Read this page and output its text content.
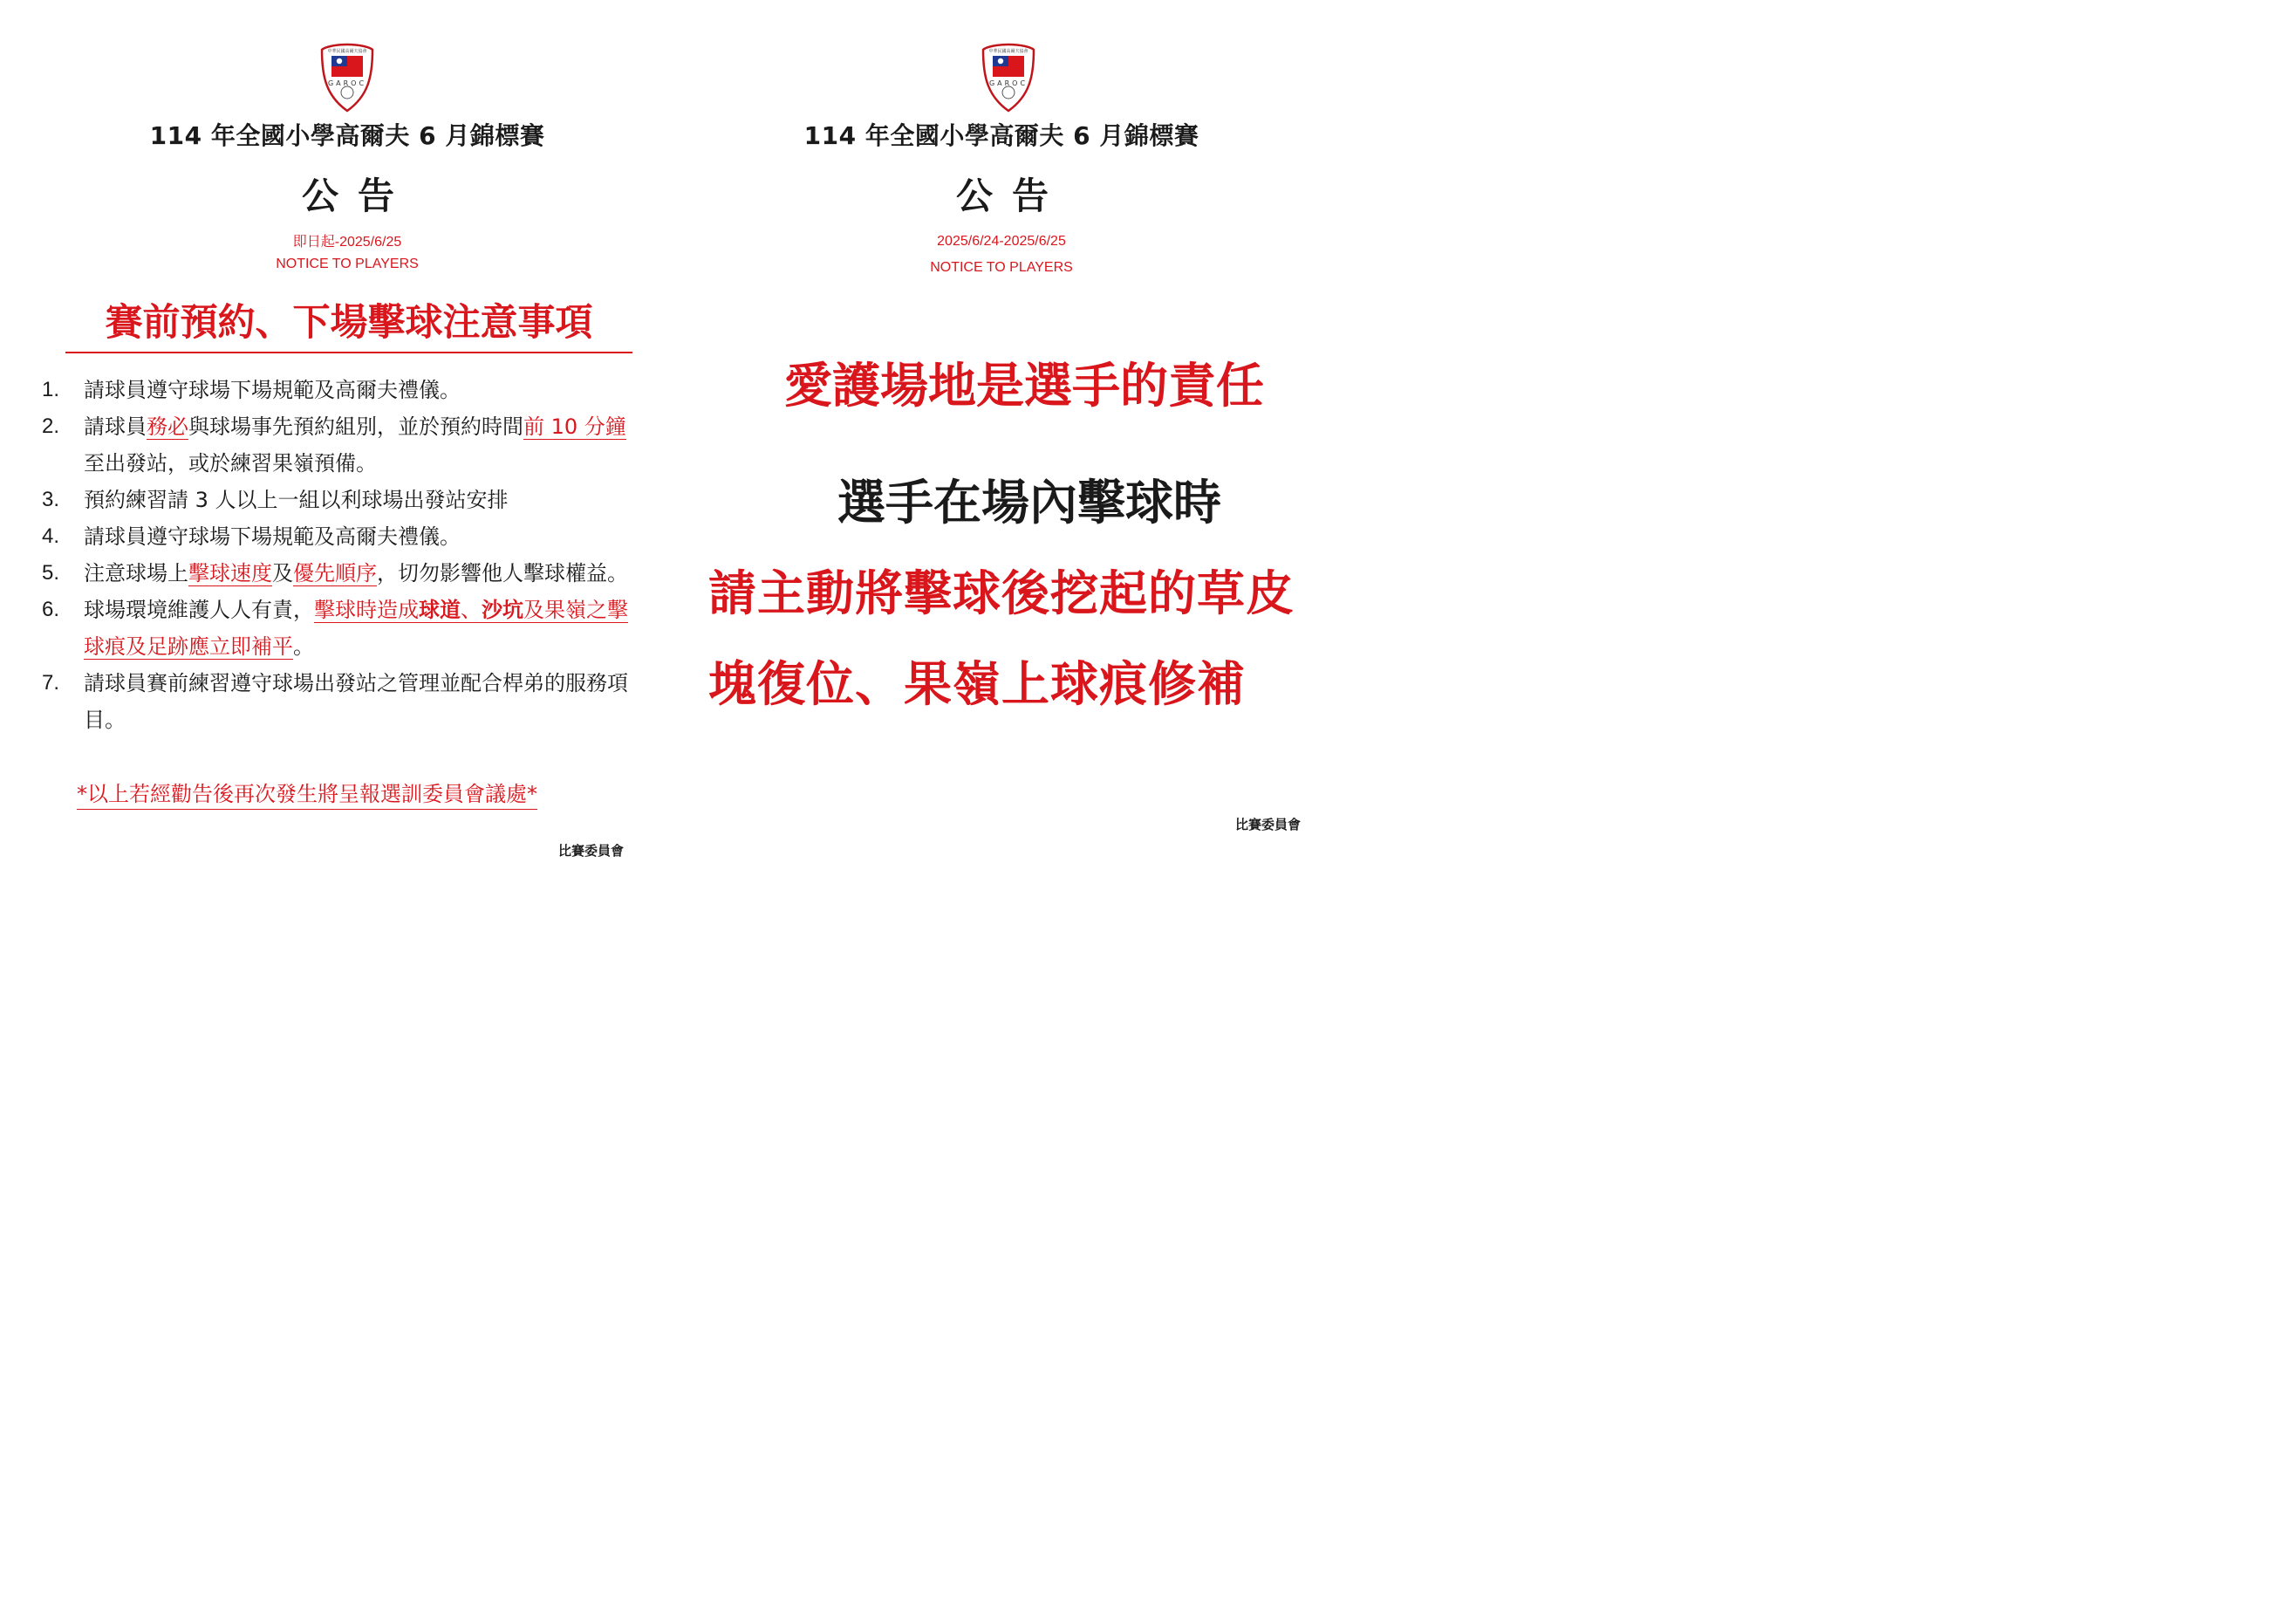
中華民國高爾夫協會
GAROC
114 年全國小學高爾夫 6 月錦標賽
公告
即日起-2025/6/25
NOTICE TO PLAYERS
賽前預約、下場擊球注意事項
1. 請球員遵守球場下場規範及高爾夫禮儀。
2. 請球員務必與球場事先預約組別，並於預約時間前 10 分鐘至出發站，或於練習果嶺預備。
3. 預約練習請 3 人以上一組以利球場出發站安排
4. 請球員遵守球場下場規範及高爾夫禮儀。
5. 注意球場上擊球速度及優先順序，切勿影響他人擊球權益。
6. 球場環境維護人人有責，擊球時造成球道、沙坑及果嶺之擊球痕及足跡應立即補平。
7. 請球員賽前練習遵守球場出發站之管理並配合桿弟的服務項目。
*以上若經勸告後再次發生將呈報選訓委員會議處*
比賽委員會
中華民國高爾夫協會
GAROC
114 年全國小學高爾夫 6 月錦標賽
公告
2025/6/24-2025/6/25
NOTICE TO PLAYERS
愛護場地是選手的責任
選手在場內擊球時
請主動將擊球後挖起的草皮塊復位、果嶺上球痕修補
比賽委員會
